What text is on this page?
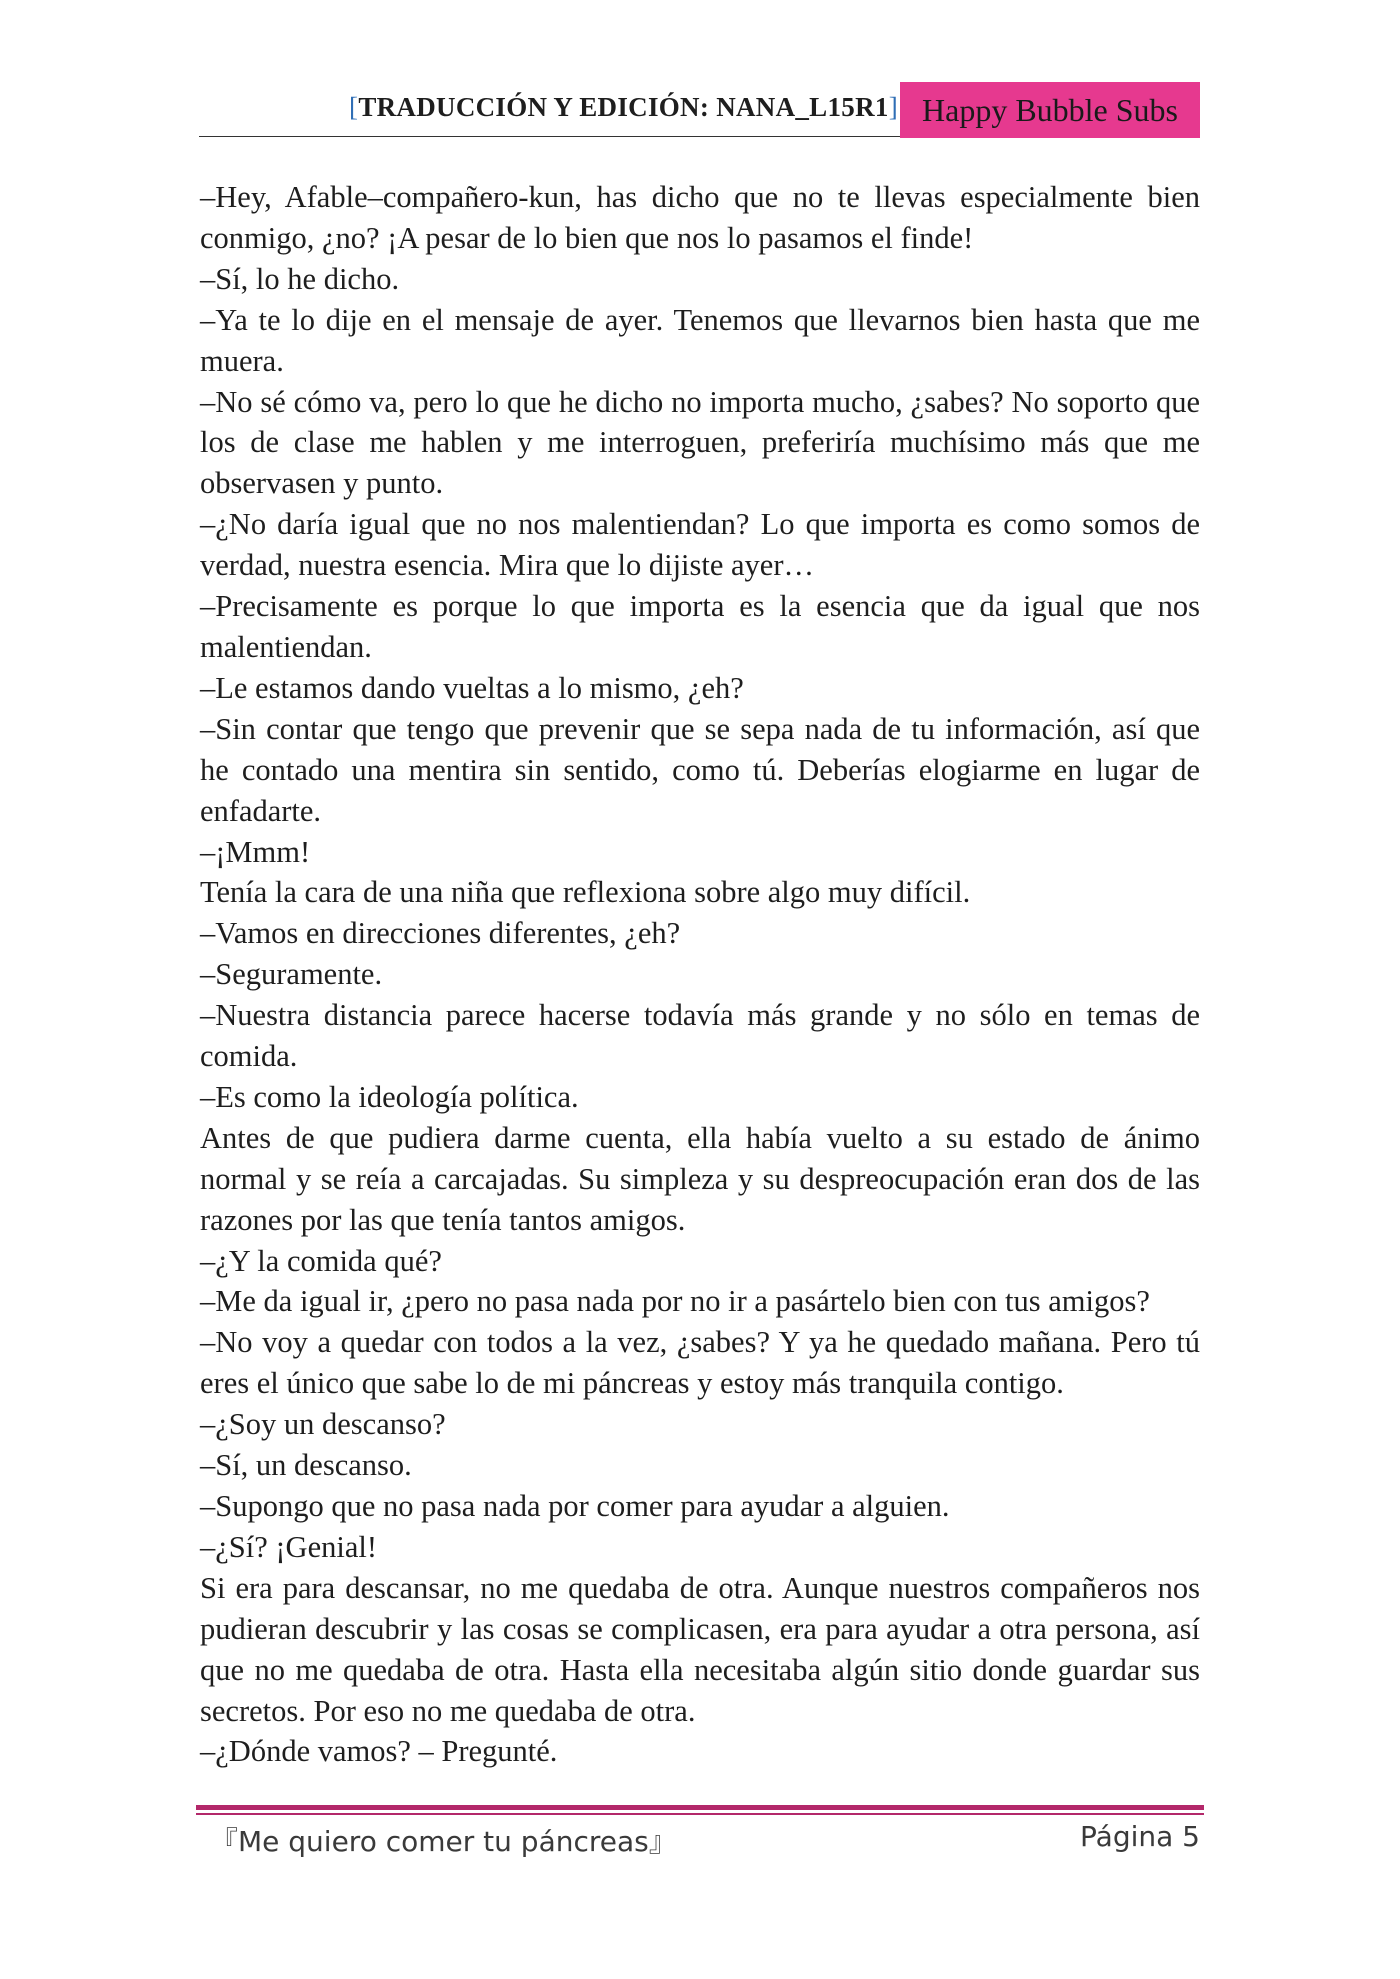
[TRADUCCIÓN Y EDICIÓN: NANA_L15R1] Happy Bubble Subs

–Hey, Afable–compañero-kun, has dicho que no te llevas especialmente bien conmigo, ¿no? ¡A pesar de lo bien que nos lo pasamos el finde!

–Sí, lo he dicho.

–Ya te lo dije en el mensaje de ayer. Tenemos que llevarnos bien hasta que me muera.

–No sé cómo va, pero lo que he dicho no importa mucho, ¿sabes? No soporto que los de clase me hablen y me interroguen, preferiría muchísimo más que me observasen y punto.

–¿No daría igual que no nos malentiendan? Lo que importa es como somos de verdad, nuestra esencia. Mira que lo dijiste ayer…

–Precisamente es porque lo que importa es la esencia que da igual que nos malentiendan.

–Le estamos dando vueltas a lo mismo, ¿eh?

–Sin contar que tengo que prevenir que se sepa nada de tu información, así que he contado una mentira sin sentido, como tú. Deberías elogiarme en lugar de enfadarte.

–¡Mmm!

Tenía la cara de una niña que reflexiona sobre algo muy difícil.

–Vamos en direcciones diferentes, ¿eh?

–Seguramente.

–Nuestra distancia parece hacerse todavía más grande y no sólo en temas de comida.

–Es como la ideología política.

Antes de que pudiera darme cuenta, ella había vuelto a su estado de ánimo normal y se reía a carcajadas. Su simpleza y su despreocupación eran dos de las razones por las que tenía tantos amigos.

–¿Y la comida qué?

–Me da igual ir, ¿pero no pasa nada por no ir a pasártelo bien con tus amigos?

–No voy a quedar con todos a la vez, ¿sabes? Y ya he quedado mañana. Pero tú eres el único que sabe lo de mi páncreas y estoy más tranquila contigo.

–¿Soy un descanso?

–Sí, un descanso.

–Supongo que no pasa nada por comer para ayudar a alguien.

–¿Sí? ¡Genial!

Si era para descansar, no me quedaba de otra. Aunque nuestros compañeros nos pudieran descubrir y las cosas se complicasen, era para ayudar a otra persona, así que no me quedaba de otra. Hasta ella necesitaba algún sitio donde guardar sus secretos. Por eso no me quedaba de otra.

–¿Dónde vamos? – Pregunté.

『Me quiero comer tu páncreas』	Página 5
